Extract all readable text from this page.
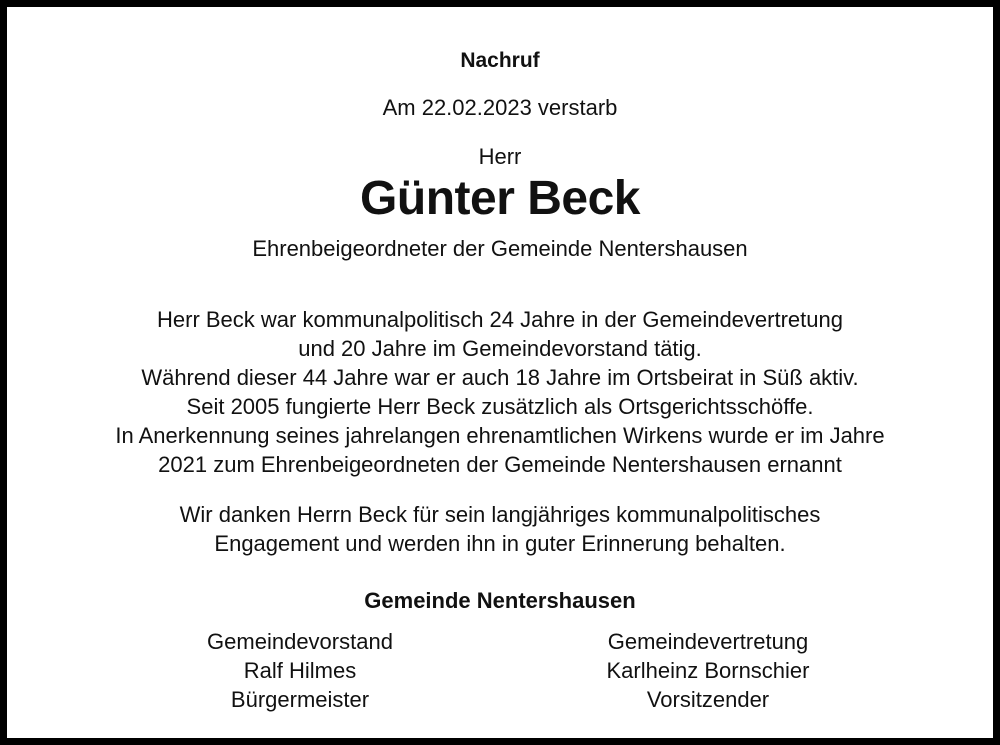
Nachruf
Am 22.02.2023 verstarb
Herr
Günter Beck
Ehrenbeigeordneter der Gemeinde Nentershausen
Herr Beck war kommunalpolitisch 24 Jahre in der Gemeindevertretung
und 20 Jahre im Gemeindevorstand tätig.
Während dieser 44 Jahre war er auch 18 Jahre im Ortsbeirat in Süß aktiv.
Seit 2005 fungierte Herr Beck zusätzlich als Ortsgerichtsschöffe.
In Anerkennung seines jahrelangen ehrenamtlichen Wirkens wurde er im Jahre
2021 zum Ehrenbeigeordneten der Gemeinde Nentershausen ernannt
Wir danken Herrn Beck für sein langjähriges kommunalpolitisches
Engagement und werden ihn in guter Erinnerung behalten.
Gemeinde Nentershausen
Gemeindevorstand
Ralf Hilmes
Bürgermeister
Gemeindevertretung
Karlheinz Bornschier
Vorsitzender
